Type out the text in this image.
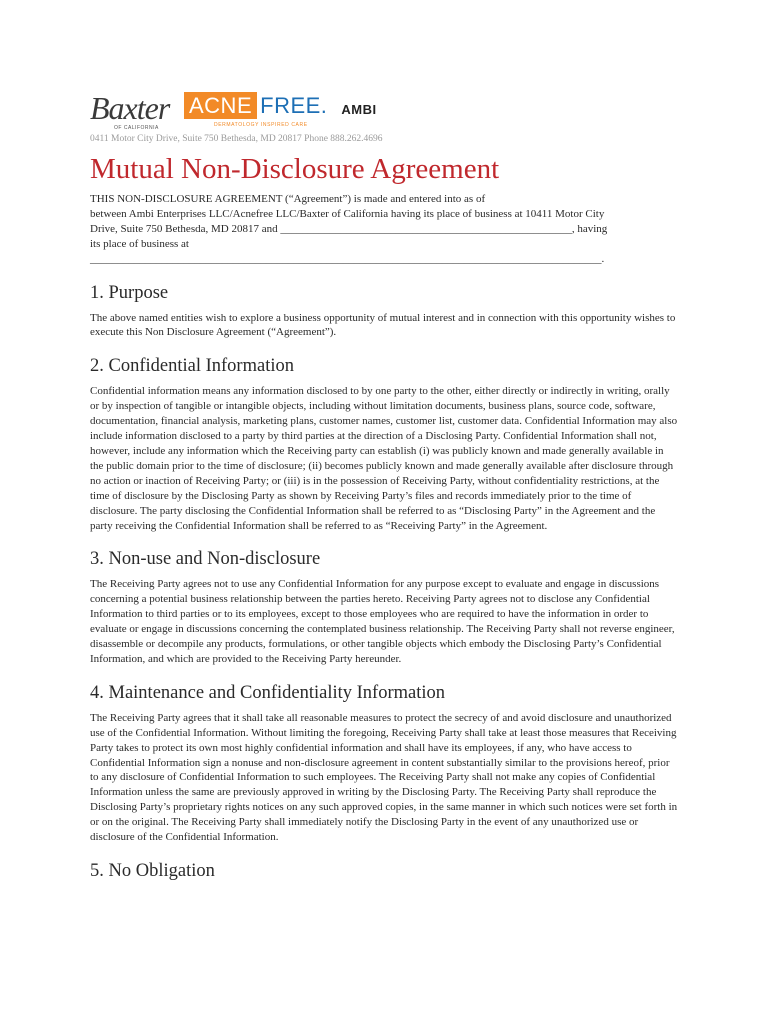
Baxter
OF CALIFORNIA
ACNE FREE.
DERMATOLOGY INSPIRED CARE
AMBI
0411 Motor City Drive, Suite 750 Bethesda, MD 20817 Phone 888.262.4696
Mutual Non-Disclosure Agreement

THIS NON-DISCLOSURE AGREEMENT (“Agreement”) is made and entered into as of
between Ambi Enterprises LLC/Acnefree LLC/Baxter of California having its place of business at 10411 Motor City
Drive, Suite 750 Bethesda, MD 20817 and _____________________________________________________, having
its place of business at
_____________________________________________________________________________________________.

1. Purpose

The above named entities wish to explore a business opportunity of mutual interest and in connection with this opportunity wishes to execute this Non Disclosure Agreement (“Agreement”).

2. Confidential Information

Confidential information means any information disclosed to by one party to the other, either directly or indirectly in writing, orally or by inspection of tangible or intangible objects, including without limitation documents, business plans, source code, software, documentation, financial analysis, marketing plans, customer names, customer list, customer data. Confidential Information may also include information disclosed to a party by third parties at the direction of a Disclosing Party. Confidential Information shall not, however, include any information which the Receiving party can establish (i) was publicly known and made generally available in the public domain prior to the time of disclosure; (ii) becomes publicly known and made generally available after disclosure through no action or inaction of Receiving Party; or (iii) is in the possession of Receiving Party, without confidentiality restrictions, at the time of disclosure by the Disclosing Party as shown by Receiving Party’s files and records immediately prior to the time of disclosure. The party disclosing the Confidential Information shall be referred to as “Disclosing Party” in the Agreement and the party receiving the Confidential Information shall be referred to as “Receiving Party” in the Agreement.

3. Non-use and Non-disclosure

The Receiving Party agrees not to use any Confidential Information for any purpose except to evaluate and engage in discussions concerning a potential business relationship between the parties hereto. Receiving Party agrees not to disclose any Confidential Information to third parties or to its employees, except to those employees who are required to have the information in order to evaluate or engage in discussions concerning the contemplated business relationship. The Receiving Party shall not reverse engineer, disassemble or decompile any products, formulations, or other tangible objects which embody the Disclosing Party’s Confidential Information, and which are provided to the Receiving Party hereunder.

4. Maintenance and Confidentiality Information

The Receiving Party agrees that it shall take all reasonable measures to protect the secrecy of and avoid disclosure and unauthorized use of the Confidential Information. Without limiting the foregoing, Receiving Party shall take at least those measures that Receiving Party takes to protect its own most highly confidential information and shall have its employees, if any, who have access to Confidential Information sign a nonuse and non-disclosure agreement in content substantially similar to the provisions hereof, prior to any disclosure of Confidential Information to such employees. The Receiving Party shall not make any copies of Confidential Information unless the same are previously approved in writing by the Disclosing Party. The Receiving Party shall reproduce the Disclosing Party’s proprietary rights notices on any such approved copies, in the same manner in which such notices were set forth in or on the original. The Receiving Party shall immediately notify the Disclosing Party in the event of any unauthorized use or disclosure of the Confidential Information.

5. No Obligation
